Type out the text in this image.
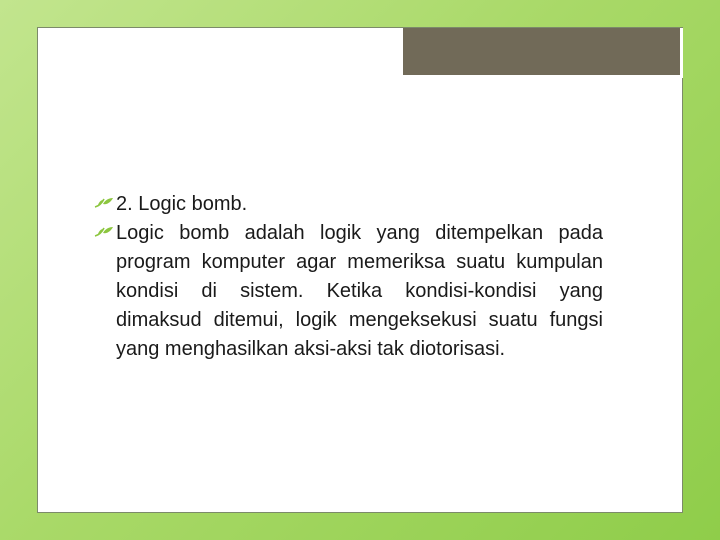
2. Logic bomb.
Logic bomb adalah logik yang ditempelkan pada program komputer agar memeriksa suatu kumpulan kondisi di sistem. Ketika kondisi-kondisi yang dimaksud ditemui, logik mengeksekusi suatu fungsi yang menghasilkan aksi-aksi tak diotorisasi.
